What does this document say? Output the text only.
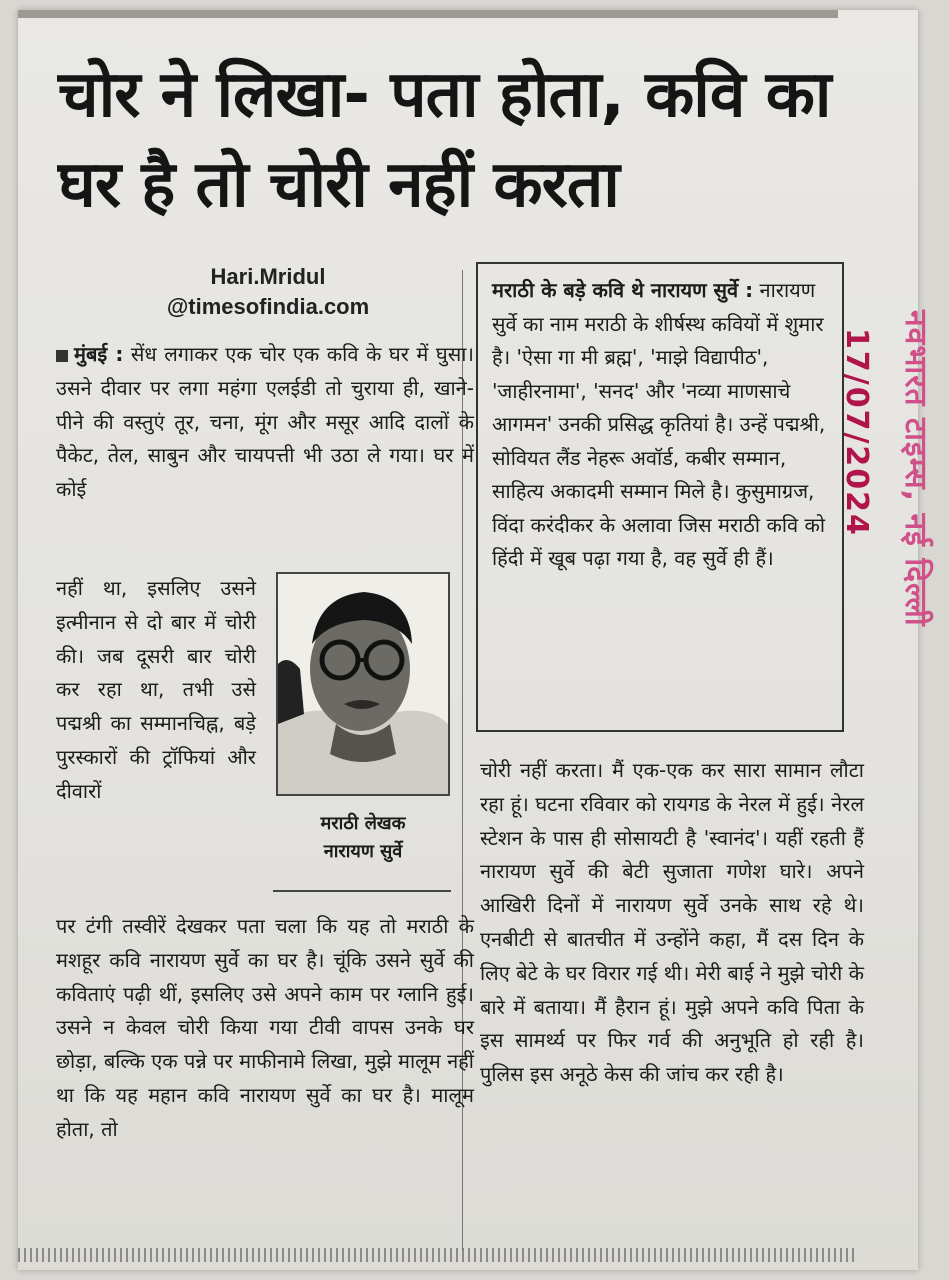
चोर ने लिखा- पता होता, कवि का घर है तो चोरी नहीं करता
Hari.Mridul
@timesofindia.com

मुंबई : सेंध लगाकर एक चोर एक कवि के घर में घुसा। उसने दीवार पर लगा महंगा एलईडी तो चुराया ही, खाने-पीने की वस्तुएं तूर, चना, मूंग और मसूर आदि दालों के पैकेट, तेल, साबुन और चायपत्ती भी उठा ले गया। घर में कोई

नहीं था, इसलिए उसने इत्मीनान से दो बार में चोरी की। जब दूसरी बार चोरी कर रहा था, तभी उसे पद्मश्री का सम्मानचिह्न, बड़े पुरस्कारों की ट्रॉफियां और दीवारों
मराठी लेखक
नारायण सुर्वे
पर टंगी तस्वीरें देखकर पता चला कि यह तो मराठी के मशहूर कवि नारायण सुर्वे का घर है। चूंकि उसने सुर्वे की कविताएं पढ़ी थीं, इसलिए उसे अपने काम पर ग्लानि हुई। उसने न केवल चोरी किया गया टीवी वापस उनके घर छोड़ा, बल्कि एक पन्ने पर माफीनामे लिखा, मुझे मालूम नहीं था कि यह महान कवि नारायण सुर्वे का घर है। मालूम होता, तो
मराठी के बड़े कवि थे नारायण सुर्वे : नारायण सुर्वे का नाम मराठी के शीर्षस्थ कवियों में शुमार है। 'ऐसा गा मी ब्रह्म', 'माझे विद्यापीठ', 'जाहीरनामा', 'सनद' और 'नव्या माणसाचे आगमन' उनकी प्रसिद्ध कृतियां है। उन्हें पद्मश्री, सोवियत लैंड नेहरू अवॉर्ड, कबीर सम्मान, साहित्य अकादमी सम्मान मिले है। कुसुमाग्रज, विंदा करंदीकर के अलावा जिस मराठी कवि को हिंदी में खूब पढ़ा गया है, वह सुर्वे ही हैं।
चोरी नहीं करता। मैं एक-एक कर सारा सामान लौटा रहा हूं। घटना रविवार को रायगड के नेरल में हुई। नेरल स्टेशन के पास ही सोसायटी है 'स्वानंद'। यहीं रहती हैं नारायण सुर्वे की बेटी सुजाता गणेश घारे। अपने आखिरी दिनों में नारायण सुर्वे उनके साथ रहे थे। एनबीटी से बातचीत में उन्होंने कहा, मैं दस दिन के लिए बेटे के घर विरार गई थी। मेरी बाई ने मुझे चोरी के बारे में बताया। मैं हैरान हूं। मुझे अपने कवि पिता के इस सामर्थ्य पर फिर गर्व की अनुभूति हो रही है। पुलिस इस अनूठे केस की जांच कर रही है।
17/07/2024 नवभारत टाइम्स, नई दिल्ली
